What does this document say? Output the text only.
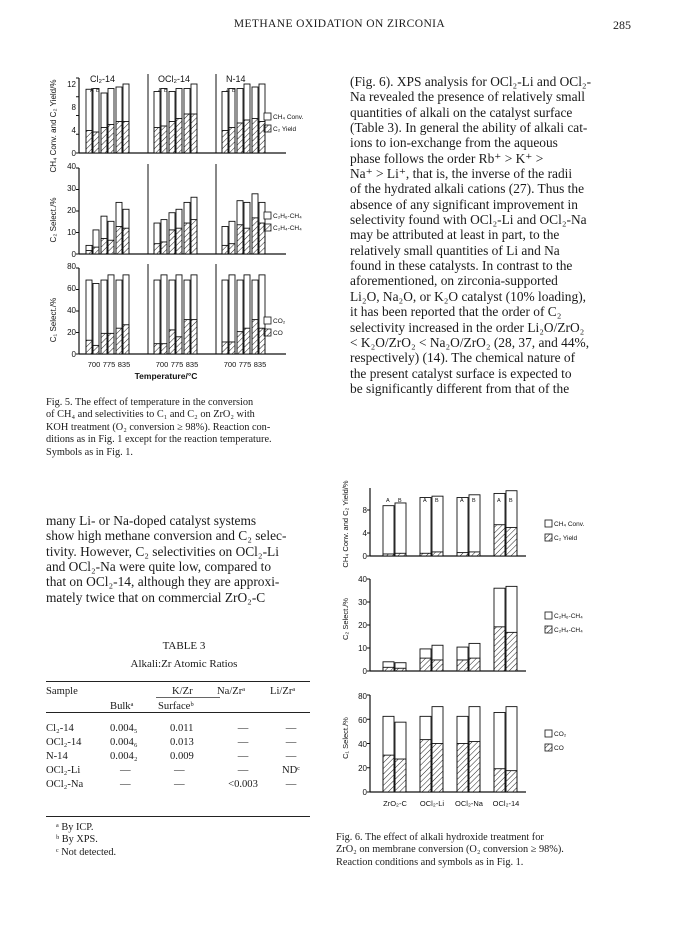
METHANE OXIDATION ON ZIRCONIA	285
A B	A B	A B
Cl₂-14	OCl₂-14	N-14
CH₄ Conv. and C₂ Yield/%
C₂ Select./%
C₁ Select./%
0
4
8
12
0
10
20
30
40
0
20
40
60
80
CH₄ Conv.
C₂ Yield
C₂H₆-CH₄
C₂H₄-CH₄
CO₂
CO
700 775 835	700 775 835	700 775 835
Temperature/°C
Fig. 5. The effect of temperature in the conversion
of CH₄ and selectivities to C₁ and C₂ on ZrO₂ with
KOH treatment (O₂ conversion ≥ 98%). Reaction con-
ditions as in Fig. 1 except for the reaction temperature.
Symbols as in Fig. 1.
(Fig. 6). XPS analysis for OCl₂-Li and OCl₂-
Na revealed the presence of relatively small
quantities of alkali on the catalyst surface
(Table 3). In general the ability of alkali cat-
ions to ion-exchange from the aqueous
phase follows the order Rb⁺ > K⁺ >
Na⁺ > Li⁺, that is, the inverse of the radii
of the hydrated alkali cations (27). Thus the
absence of any significant improvement in
selectivity found with OCl₂-Li and OCl₂-Na
may be attributed at least in part, to the
relatively small quantities of Li and Na
found in these catalysts. In contrast to the
aforementioned, on zirconia-supported
Li₂O, Na₂O, or K₂O catalyst (10% loading),
it has been reported that the order of C₂
selectivity increased in the order Li₂O/ZrO₂
< K₂O/ZrO₂ < Na₂O/ZrO₂ (28, 37, and 44%,
respectively) (14). The chemical nature of
the present catalyst surface is expected to
be significantly different from that of the
many Li- or Na-doped catalyst systems
show high methane conversion and C₂ selec-
tivity. However, C₂ selectivities on OCl₂-Li
and OCl₂-Na were quite low, compared to
that on OCl₂-14, although they are approxi-
mately twice that on commercial ZrO₂-C
TABLE 3
Alkali:Zr Atomic Ratios
Sample	K/Zr Na/Zrᵃ Li/Zrᵃ
Bulkᵃ Surfaceᵇ
Cl₂-14	0.004₅	0.011	—	—
OCl₂-14	0.004₆	0.013	—	—
N-14	0.004₂	0.009	—	—
OCl₂-Li	—	—	—	NDᶜ
OCl₂-Na	—	—	<0.003	—
ᵃ By ICP.
ᵇ By XPS.
ᶜ Not detected.
A B	A B	A B	A B
CH₄ Conv. and C₂ Yield/%
C₂ Select./%
C₁ Select./%
0
4
8
0
10
20
30
40
0
20
40
60
80
CH₄ Conv.
C₂ Yield
C₂H₆-CH₄
C₂H₄-CH₄
CO₂
CO
ZrO₂-C OCl₂-Li OCl₂-Na OCl₂-14
Fig. 6. The effect of alkali hydroxide treatment for
ZrO₂ on membrane conversion (O₂ conversion ≥ 98%).
Reaction conditions and symbols as in Fig. 1.
